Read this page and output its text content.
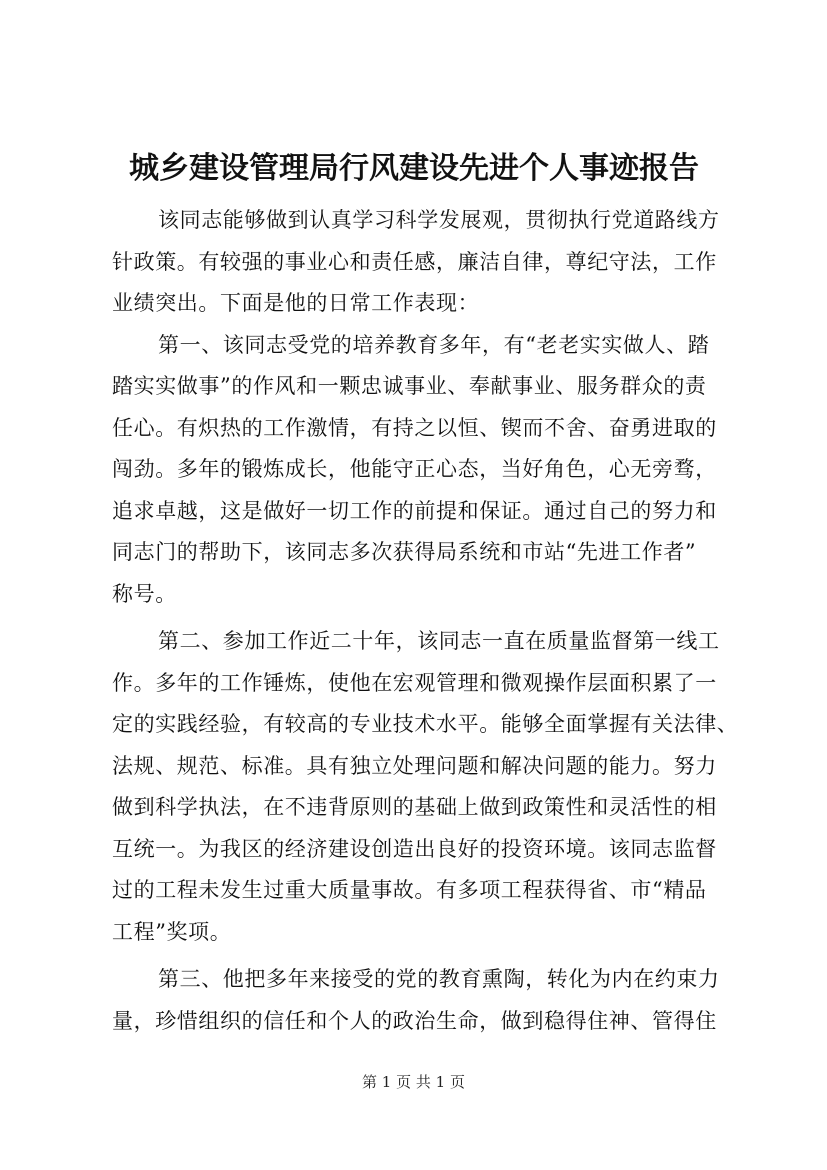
城乡建设管理局行风建设先进个人事迹报告
该同志能够做到认真学习科学发展观，贯彻执行党道路线方
针政策。有较强的事业心和责任感，廉洁自律，尊纪守法，工作
业绩突出。下面是他的日常工作表现：
第一、该同志受党的培养教育多年，有“老老实实做人、踏
踏实实做事”的作风和一颗忠诚事业、奉献事业、服务群众的责
任心。有炽热的工作激情，有持之以恒、锲而不舍、奋勇进取的
闯劲。多年的锻炼成长，他能守正心态，当好角色，心无旁骛，
追求卓越，这是做好一切工作的前提和保证。通过自己的努力和
同志门的帮助下，该同志多次获得局系统和市站“先进工作者”
称号。
第二、参加工作近二十年，该同志一直在质量监督第一线工
作。多年的工作锤炼，使他在宏观管理和微观操作层面积累了一
定的实践经验，有较高的专业技术水平。能够全面掌握有关法律、
法规、规范、标准。具有独立处理问题和解决问题的能力。努力
做到科学执法，在不违背原则的基础上做到政策性和灵活性的相
互统一。为我区的经济建设创造出良好的投资环境。该同志监督
过的工程未发生过重大质量事故。有多项工程获得省、市“精品
工程”奖项。
第三、他把多年来接受的党的教育熏陶，转化为内在约束力
量，珍惜组织的信任和个人的政治生命，做到稳得住神、管得住
第 1 页 共 1 页
